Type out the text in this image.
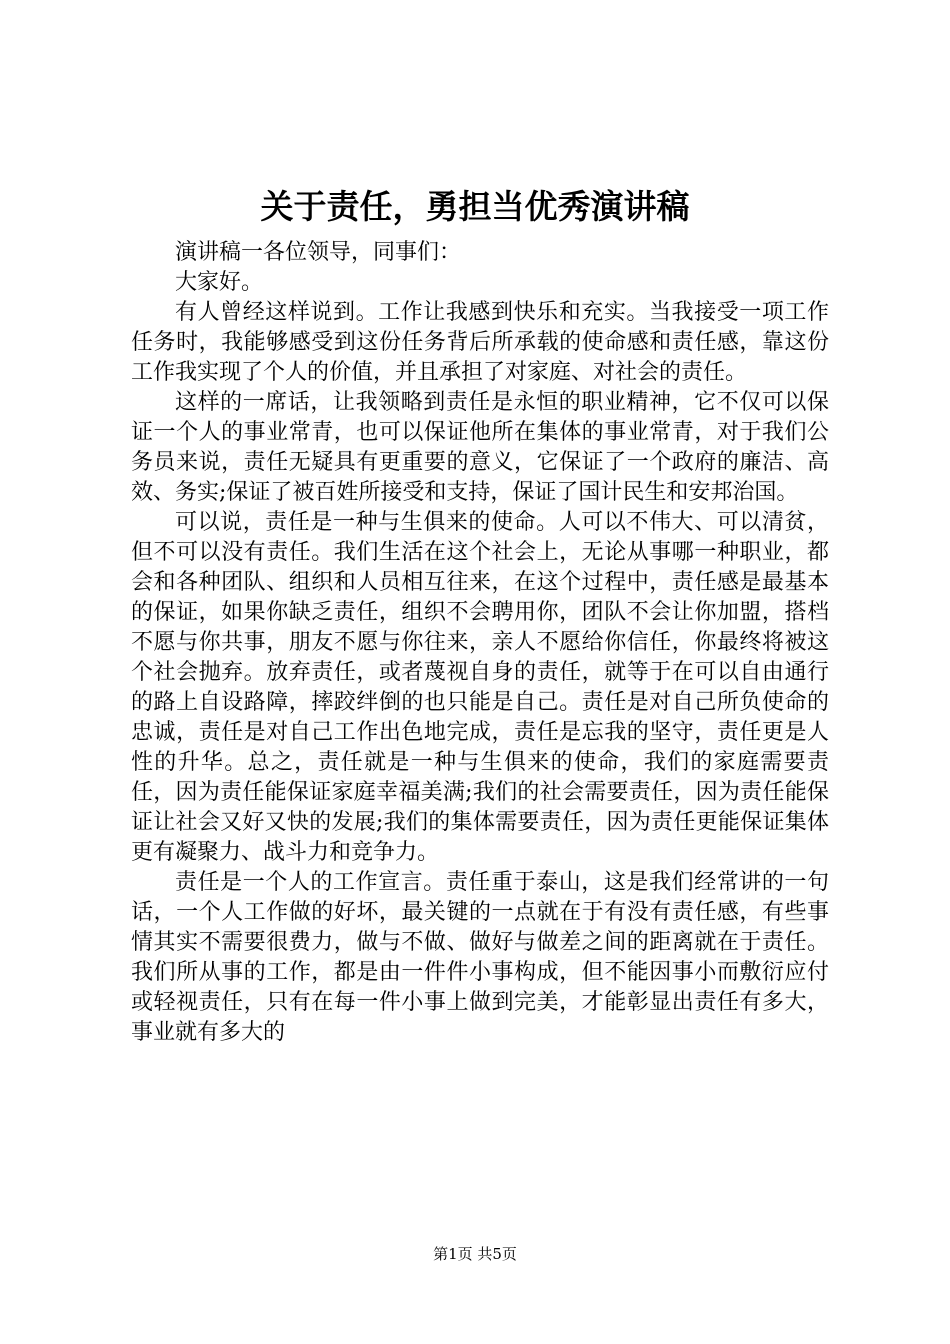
关于责任，勇担当优秀演讲稿

演讲稿一各位领导，同事们：

大家好。

有人曾经这样说到。工作让我感到快乐和充实。当我接受一项工作任务时，我能够感受到这份任务背后所承载的使命感和责任感，靠这份工作我实现了个人的价值，并且承担了对家庭、对社会的责任。

这样的一席话，让我领略到责任是永恒的职业精神，它不仅可以保证一个人的事业常青，也可以保证他所在集体的事业常青，对于我们公务员来说，责任无疑具有更重要的意义，它保证了一个政府的廉洁、高效、务实;保证了被百姓所接受和支持，保证了国计民生和安邦治国。

可以说，责任是一种与生俱来的使命。人可以不伟大、可以清贫，但不可以没有责任。我们生活在这个社会上，无论从事哪一种职业，都会和各种团队、组织和人员相互往来，在这个过程中，责任感是最基本的保证，如果你缺乏责任，组织不会聘用你，团队不会让你加盟，搭档不愿与你共事，朋友不愿与你往来，亲人不愿给你信任，你最终将被这个社会抛弃。放弃责任，或者蔑视自身的责任，就等于在可以自由通行的路上自设路障，摔跤绊倒的也只能是自己。责任是对自己所负使命的忠诚，责任是对自己工作出色地完成，责任是忘我的坚守，责任更是人性的升华。总之，责任就是一种与生俱来的使命，我们的家庭需要责任，因为责任能保证家庭幸福美满;我们的社会需要责任，因为责任能保证让社会又好又快的发展;我们的集体需要责任，因为责任更能保证集体更有凝聚力、战斗力和竞争力。

责任是一个人的工作宣言。责任重于泰山，这是我们经常讲的一句话，一个人工作做的好坏，最关键的一点就在于有没有责任感，有些事情其实不需要很费力，做与不做、做好与做差之间的距离就在于责任。我们所从事的工作，都是由一件件小事构成，但不能因事小而敷衍应付或轻视责任，只有在每一件小事上做到完美，才能彰显出责任有多大，事业就有多大的

第1页 共5页
